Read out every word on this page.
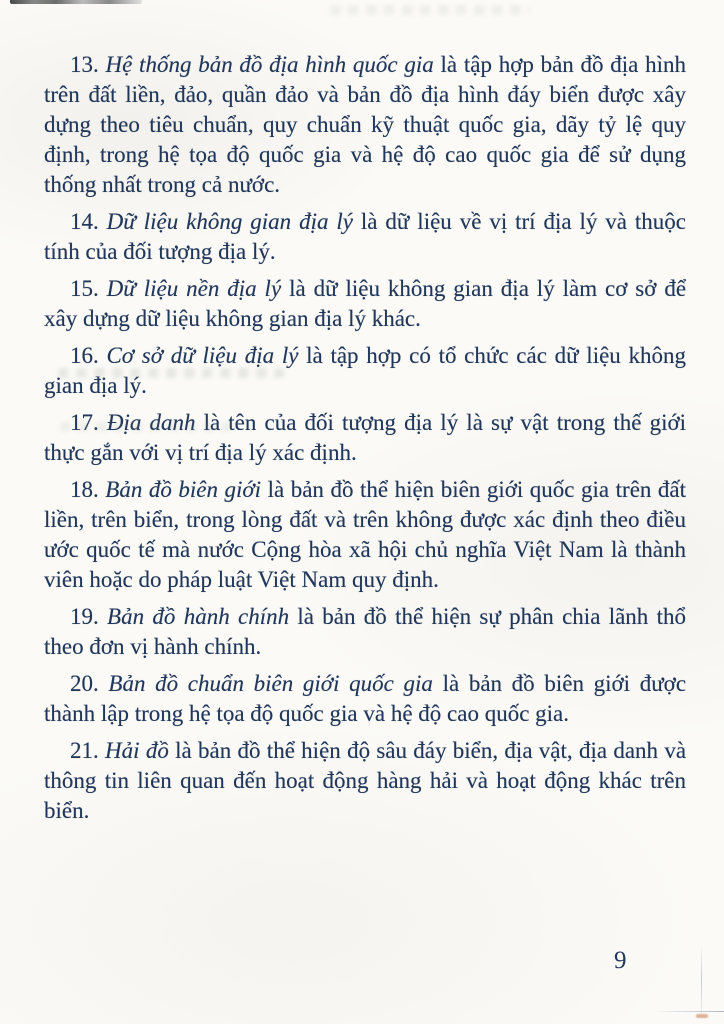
13. Hệ thống bản đồ địa hình quốc gia là tập hợp bản đồ địa hình trên đất liền, đảo, quần đảo và bản đồ địa hình đáy biển được xây dựng theo tiêu chuẩn, quy chuẩn kỹ thuật quốc gia, dãy tỷ lệ quy định, trong hệ tọa độ quốc gia và hệ độ cao quốc gia để sử dụng thống nhất trong cả nước.

14. Dữ liệu không gian địa lý là dữ liệu về vị trí địa lý và thuộc tính của đối tượng địa lý.

15. Dữ liệu nền địa lý là dữ liệu không gian địa lý làm cơ sở để xây dựng dữ liệu không gian địa lý khác.

16. Cơ sở dữ liệu địa lý là tập hợp có tổ chức các dữ liệu không gian địa lý.

17. Địa danh là tên của đối tượng địa lý là sự vật trong thế giới thực gắn với vị trí địa lý xác định.

18. Bản đồ biên giới là bản đồ thể hiện biên giới quốc gia trên đất liền, trên biển, trong lòng đất và trên không được xác định theo điều ước quốc tế mà nước Cộng hòa xã hội chủ nghĩa Việt Nam là thành viên hoặc do pháp luật Việt Nam quy định.

19. Bản đồ hành chính là bản đồ thể hiện sự phân chia lãnh thổ theo đơn vị hành chính.

20. Bản đồ chuẩn biên giới quốc gia là bản đồ biên giới được thành lập trong hệ tọa độ quốc gia và hệ độ cao quốc gia.

21. Hải đồ là bản đồ thể hiện độ sâu đáy biển, địa vật, địa danh và thông tin liên quan đến hoạt động hàng hải và hoạt động khác trên biển.

9
